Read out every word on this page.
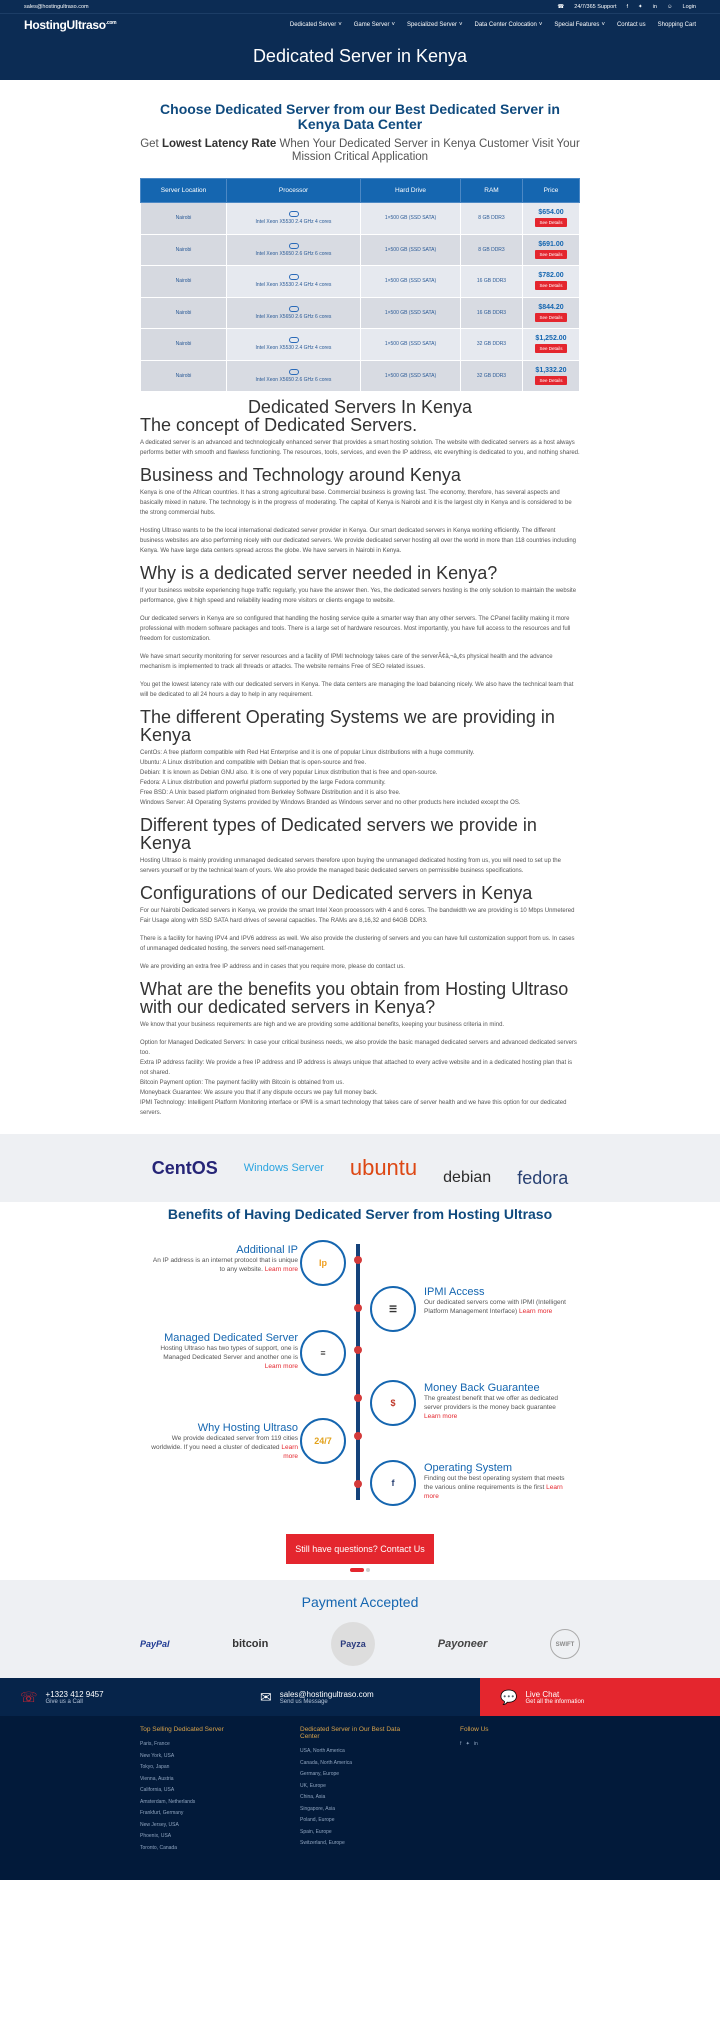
sales@hostingultraso.com	☎ 24/7/365 Support f ✦ in ☺ Login
HostingUltraso$^{.com}$	Dedicated Server ˅ Game Server ˅ Specialized Server ˅ Data Center Colocation ˅ Special Features ˅ Contact us Shopping Cart
Dedicated Server in Kenya
Choose Dedicated Server from our Best Dedicated Server in Kenya Data Center
Get Lowest Latency Rate When Your Dedicated Server in Kenya Customer Visit Your Mission Critical Application
Server Location	Processor	Hard Drive	RAM	Price
Nairobi	Intel Xeon X5530 2.4 GHz 4 cores	1×500 GB (SSD SATA)	8 GB DDR3	$654.00
See Details
Nairobi	Intel Xeon X5650 2.6 GHz 6 cores	1×500 GB (SSD SATA)	8 GB DDR3	$691.00
See Details
Nairobi	Intel Xeon X5530 2.4 GHz 4 cores	1×500 GB (SSD SATA)	16 GB DDR3	$782.00
See Details
Nairobi	Intel Xeon X5650 2.6 GHz 6 cores	1×500 GB (SSD SATA)	16 GB DDR3	$844.20
See Details
Nairobi	Intel Xeon X5530 2.4 GHz 4 cores	1×500 GB (SSD SATA)	32 GB DDR3	$1,252.00
See Details
Nairobi	Intel Xeon X5650 2.6 GHz 6 cores	1×500 GB (SSD SATA)	32 GB DDR3	$1,332.20
See Details
Dedicated Servers In Kenya
The concept of Dedicated Servers.

A dedicated server is an advanced and technologically enhanced server that provides a smart hosting solution. The website with dedicated servers as a host always performs better with smooth and flawless functioning. The resources, tools, services, and even the IP address, etc everything is dedicated to you, and nothing shared.

Business and Technology around Kenya

Kenya is one of the African countries. It has a strong agricultural base. Commercial business is growing fast. The economy, therefore, has several aspects and basically mixed in nature. The technology is in the progress of moderating. The capital of Kenya is Nairobi and it is the largest city in Kenya and is considered to be the strong commercial hubs.

Hosting Ultraso wants to be the local international dedicated server provider in Kenya. Our smart dedicated servers in Kenya working efficiently. The different business websites are also performing nicely with our dedicated servers. We provide dedicated server hosting all over the world in more than 118 countries including Kenya. We have large data centers spread across the globe. We have servers in Nairobi in Kenya.

Why is a dedicated server needed in Kenya?

If your business website experiencing huge traffic regularly, you have the answer then. Yes, the dedicated servers hosting is the only solution to maintain the website performance, give it high speed and reliability leading more visitors or clients engage to website.

Our dedicated servers in Kenya are so configured that handling the hosting service quite a smarter way than any other servers. The CPanel facility making it more professional with modern software packages and tools. There is a large set of hardware resources. Most importantly, you have full access to the resources and full freedom for customization.

We have smart security monitoring for server resources and a facility of IPMI technology takes care of the serverÃ¢â‚¬â„¢s physical health and the advance mechanism is implemented to track all threads or attacks. The website remains Free of SEO related issues.

You get the lowest latency rate with our dedicated servers in Kenya. The data centers are managing the load balancing nicely. We also have the technical team that will be dedicated to all 24 hours a day to help in any requirement.

The different Operating Systems we are providing in Kenya

CentOs: A free platform compatible with Red Hat Enterprise and it is one of popular Linux distributions with a huge community.

Ubuntu: A Linux distribution and compatible with Debian that is open-source and free.

Debian: It is known as Debian GNU also. It is one of very popular Linux distribution that is free and open-source.

Fedora: A Linux distribution and powerful platform supported by the large Fedora community.

Free BSD: A Unix based platform originated from Berkeley Software Distribution and it is also free.

Windows Server: All Operating Systems provided by Windows Branded as Windows server and no other products here included except the OS.

Different types of Dedicated servers we provide in Kenya

Hosting Ultraso is mainly providing unmanaged dedicated servers therefore upon buying the unmanaged dedicated hosting from us, you will need to set up the servers yourself or by the technical team of yours. We also provide the managed basic dedicated servers on permissible business specifications.

Configurations of our Dedicated servers in Kenya

For our Nairobi Dedicated servers in Kenya, we provide the smart Intel Xeon processors with 4 and 6 cores. The bandwidth we are providing is 10 Mbps Unmetered Fair Usage along with SSD SATA hard drives of several capacities. The RAMs are 8,16,32 and 64GB DDR3.

There is a facility for having IPV4 and IPV6 address as well. We also provide the clustering of servers and you can have full customization support from us. In cases of unmanaged dedicated hosting, the servers need self-management.

We are providing an extra free IP address and in cases that you require more, please do contact us.

What are the benefits you obtain from Hosting Ultraso with our dedicated servers in Kenya?

We know that your business requirements are high and we are providing some additional benefits, keeping your business criteria in mind.

Option for Managed Dedicated Servers: In case your critical business needs, we also provide the basic managed dedicated servers and advanced dedicated servers too.

Extra IP address facility: We provide a free IP address and IP address is always unique that attached to every active website and in a dedicated hosting plan that is not shared.

Bitcoin Payment option: The payment facility with Bitcoin is obtained from us.

Moneyback Guarantee: We assure you that if any dispute occurs we pay full money back.

IPMI Technology: Intelligent Platform Monitoring interface or IPMI is a smart technology that takes care of server health and we have this option for our dedicated servers.

CentOS Windows Server ubuntu debian fedora
Benefits of Having Dedicated Server from Hosting Ultraso
Additional IP
An IP address is an internet protocol that is unique to any website. Learn more
Ip
IPMI Access
Our dedicated servers come with IPMI (Intelligent Platform Management Interface) Learn more
☰
Managed Dedicated Server
Hosting Ultraso has two types of support, one is Managed Dedicated Server and another one is Learn more
≡
Money Back Guarantee
The greatest benefit that we offer as dedicated server providers is the money back guarantee Learn more
$
Why Hosting Ultraso
We provide dedicated server from 119 cities worldwide. If you need a cluster of dedicated Learn more
24/7
Operating System
Finding out the best operating system that meets the various online requirements is the first Learn more
f
Still have questions? Contact Us

Payment Accepted
PayPal	bitcoin	Payza	Payoneer	SWIFT
☏ +1323 412 9457
Give us a Call	✉ sales@hostingultraso.com
Send us Message	💬 Live Chat
Get all the information
Top Selling Dedicated Server
Paris, France
New York, USA
Tokyo, Japan
Vienna, Austria
California, USA
Amsterdam, Netherlands
Frankfurt, Germany
New Jersey, USA
Phoenix, USA
Toronto, Canada
Dedicated Server in Our Best Data Center
USA, North America
Canada, North America
Germany, Europe
UK, Europe
China, Asia
Singapore, Asia
Poland, Europe
Spain, Europe
Switzerland, Europe
Follow Us
f ✦ in
